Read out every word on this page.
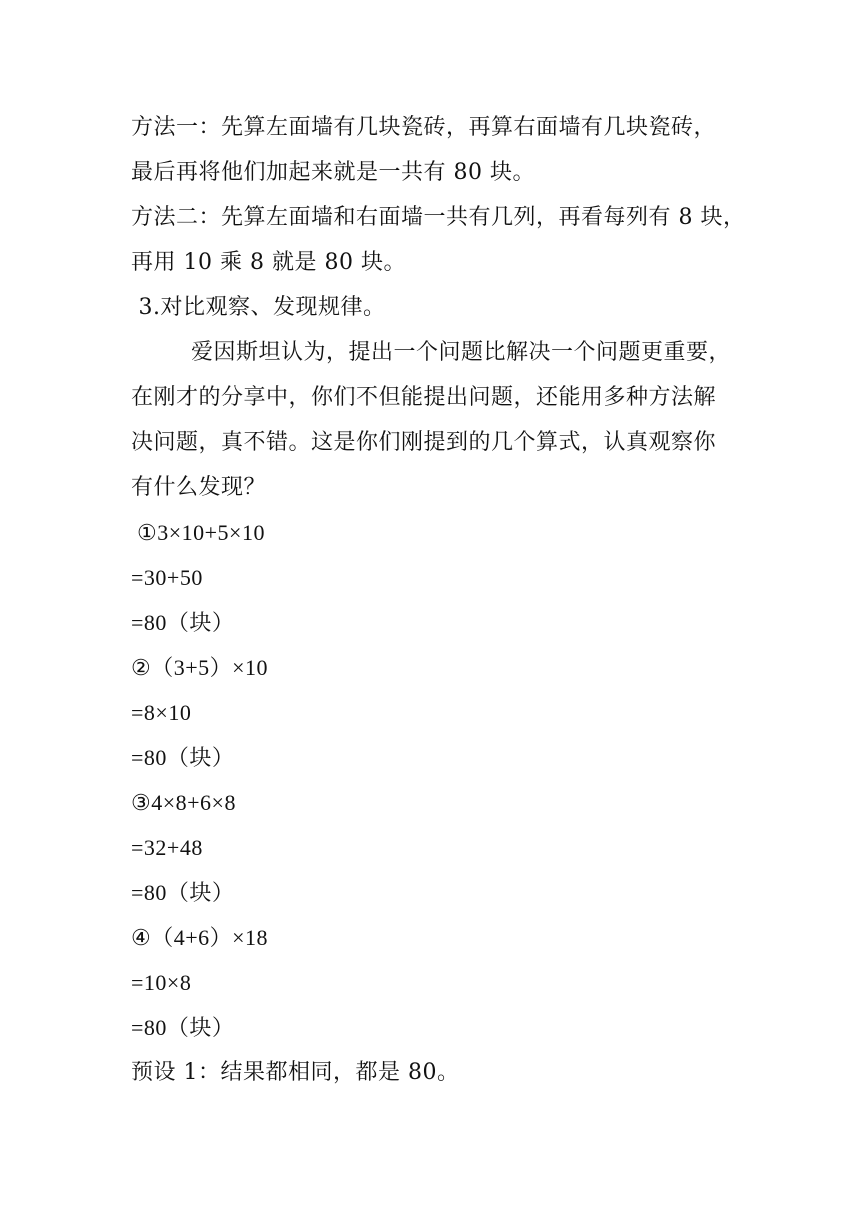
方法一：先算左面墙有几块瓷砖，再算右面墙有几块瓷砖，
最后再将他们加起来就是一共有 80 块。
方法二：先算左面墙和右面墙一共有几列，再看每列有 8 块，
再用 10 乘 8 就是 80 块。
3.对比观察、发现规律。
爱因斯坦认为，提出一个问题比解决一个问题更重要，
在刚才的分享中，你们不但能提出问题，还能用多种方法解
决问题，真不错。这是你们刚提到的几个算式，认真观察你
有什么发现？
①3×10+5×10
=30+50
=80（块）
②（3+5）×10
=8×10
=80（块）
③4×8+6×8
=32+48
=80（块）
④（4+6）×18
=10×8
=80（块）
预设 1：结果都相同，都是 80。
